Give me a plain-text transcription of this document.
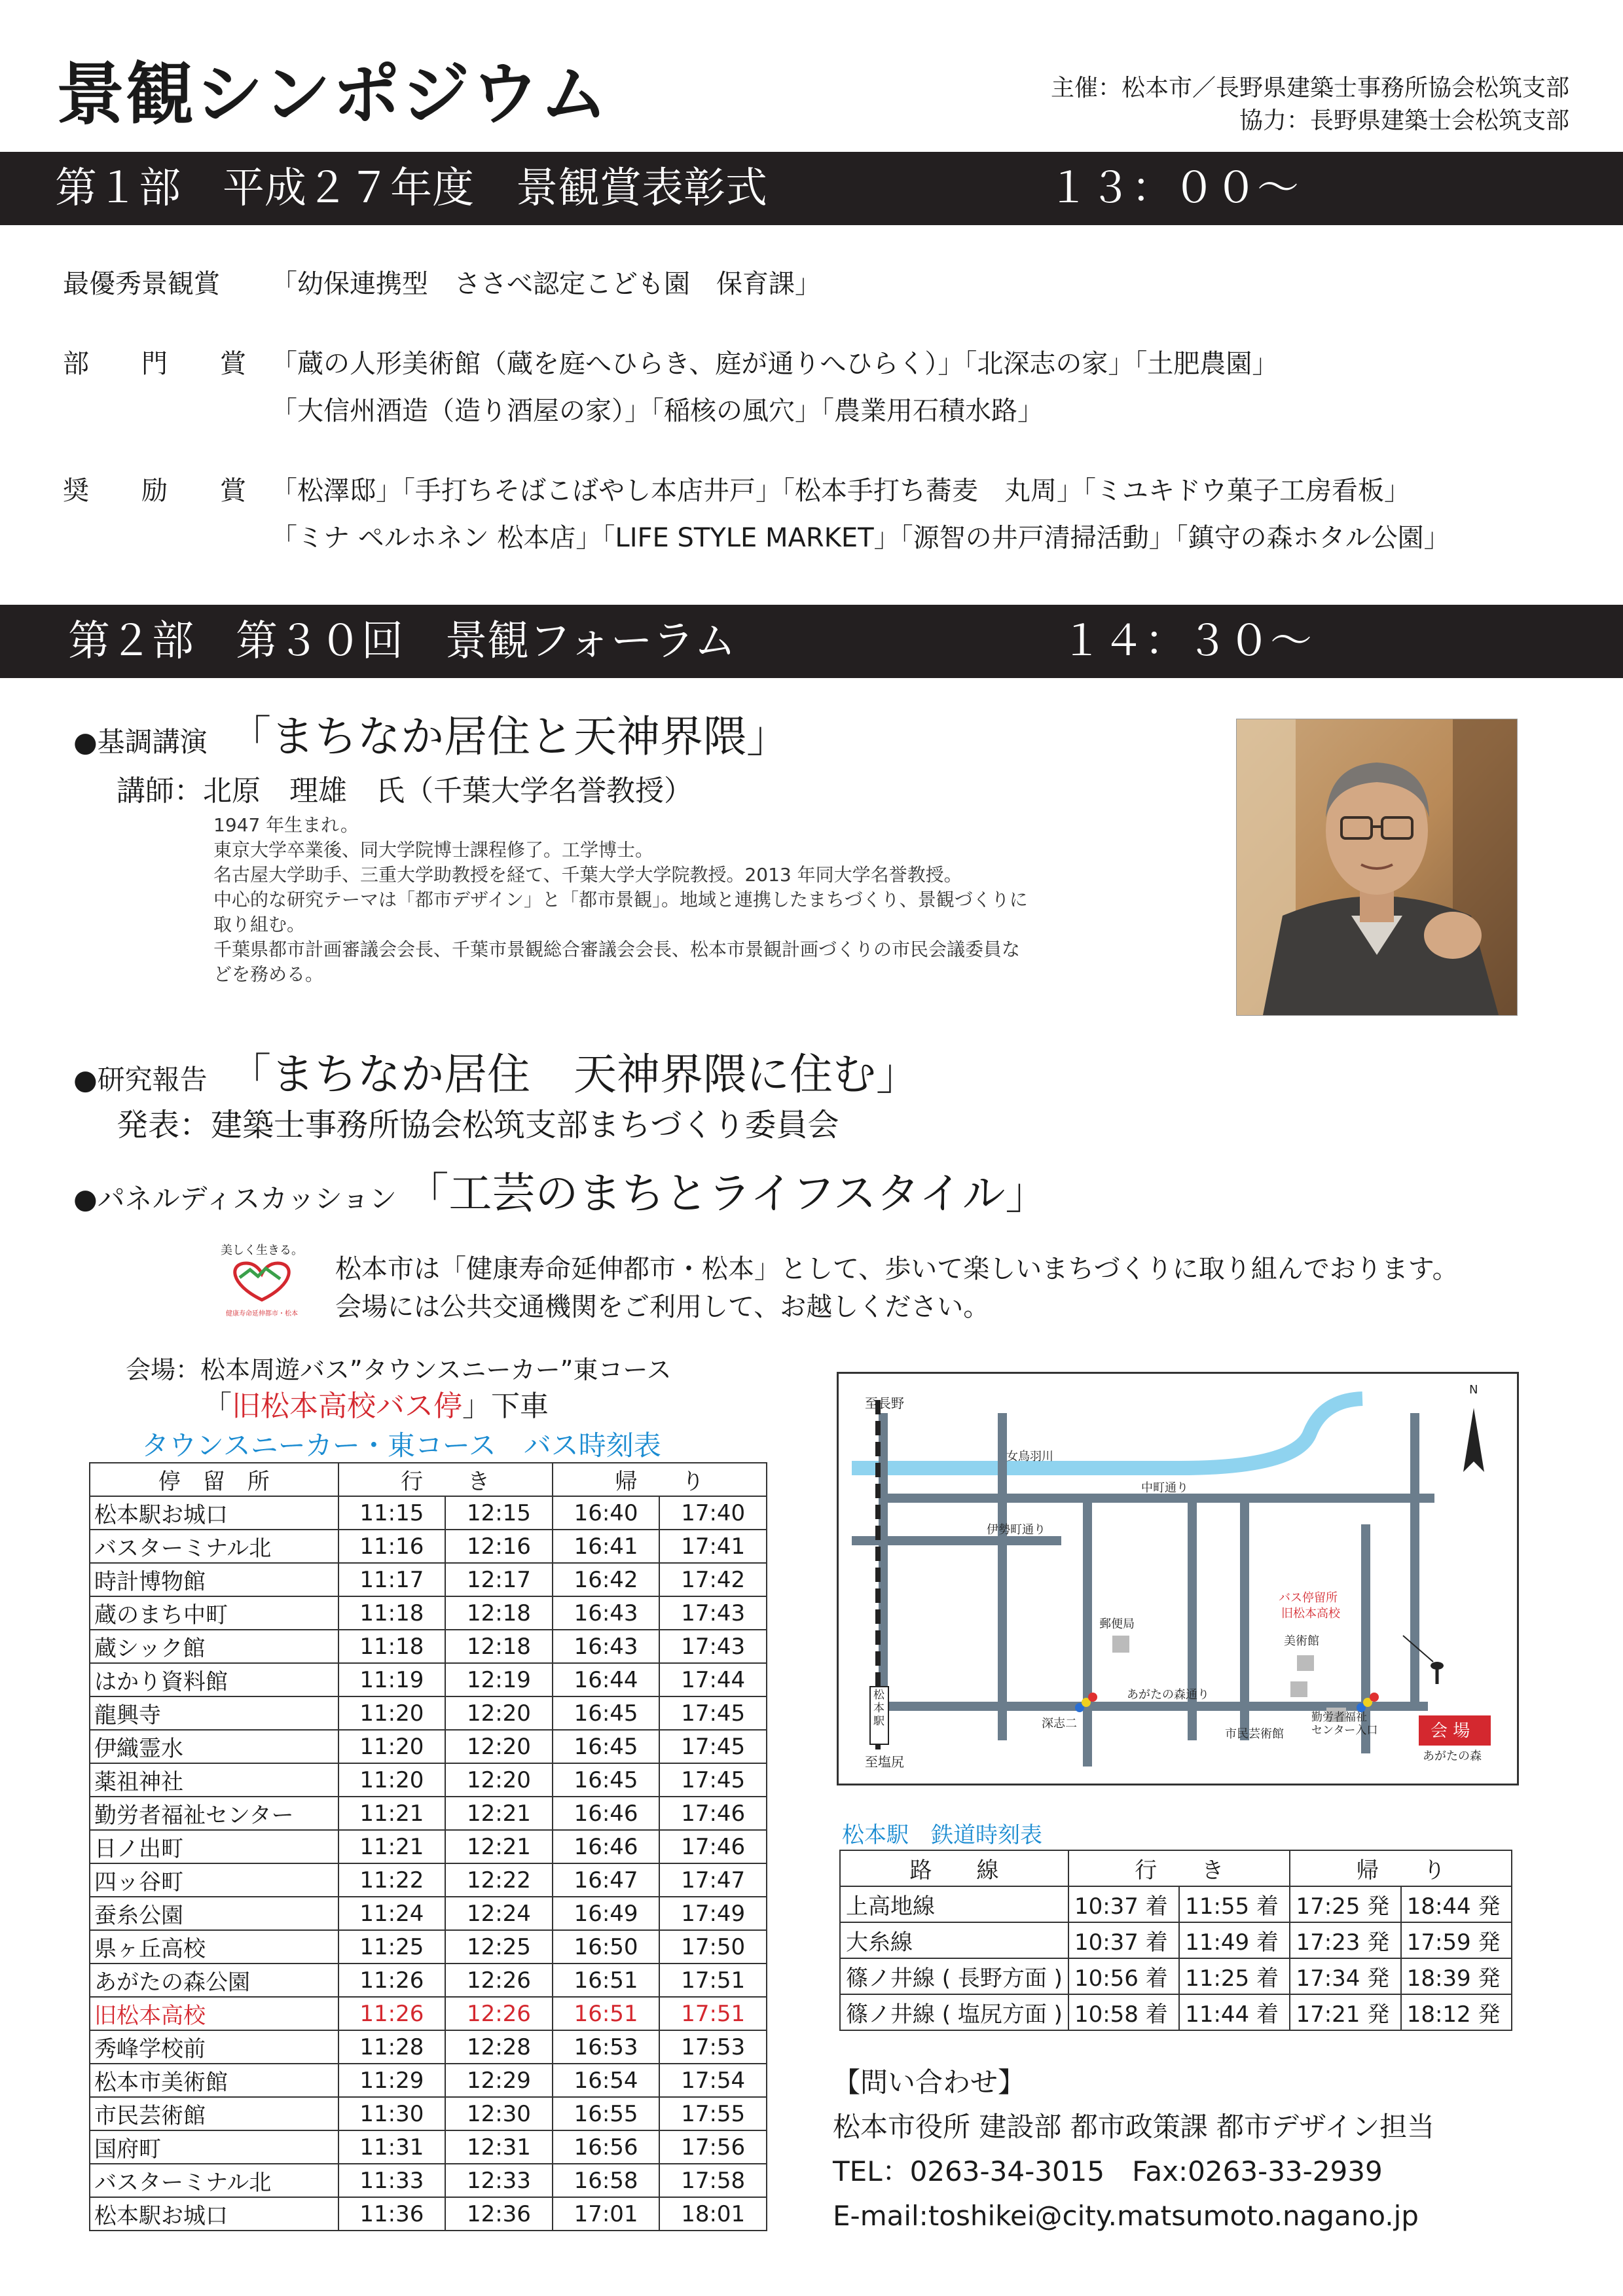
景観シンポジウム	主催：松本市／長野県建築士事務所協会松筑支部
協力：長野県建築士会松筑支部
第１部　平成２７年度　景観賞表彰式	１３：００～
最優秀景観賞 「幼保連携型　ささべ認定こども園　保育課」
部　　門　　賞 「蔵の人形美術館（蔵を庭へひらき、庭が通りへひらく）」「北深志の家」「土肥農園」
「大信州酒造（造り酒屋の家）」「稲核の風穴」「農業用石積水路」
奨　　励　　賞 「松澤邸」「手打ちそばこばやし本店井戸」「松本手打ち蕎麦　丸周」「ミユキドウ菓子工房看板」
「ミナ ペルホネン 松本店」「LIFE STYLE MARKET」「源智の井戸清掃活動」「鎮守の森ホタル公園」
第２部　第３０回　景観フォーラム	１４：３０～
●基調講演 「まちなか居住と天神界隈」
講師：北原　理雄　氏（千葉大学名誉教授）
1947 年生まれ。
東京大学卒業後、同大学院博士課程修了。工学博士。
名古屋大学助手、三重大学助教授を経て、千葉大学大学院教授。2013 年同大学名誉教授。
中心的な研究テーマは「都市デザイン」と「都市景観」。地域と連携したまちづくり、景観づくりに
取り組む。
千葉県都市計画審議会会長、千葉市景観総合審議会会長、松本市景観計画づくりの市民会議委員な
どを務める。
●研究報告 「まちなか居住　天神界隈に住む」
発表：建築士事務所協会松筑支部まちづくり委員会
●パネルディスカッション 「工芸のまちとライフスタイル」
美しく生きる。
健康寿命延伸都市・松本
松本市は「健康寿命延伸都市・松本」として、歩いて楽しいまちづくりに取り組んでおります。
会場には公共交通機関をご利用して、お越しください。
会場：松本周遊バス”タウンスニーカー”東コース
「旧松本高校バス停」下車
タウンスニーカー・東コース　バス時刻表
停　留　所	行　　き		帰　　り	
松本駅お城口	11:15	12:15	16:40	17:40
バスターミナル北	11:16	12:16	16:41	17:41
時計博物館	11:17	12:17	16:42	17:42
蔵のまち中町	11:18	12:18	16:43	17:43
蔵シック館	11:18	12:18	16:43	17:43
はかり資料館	11:19	12:19	16:44	17:44
龍興寺	11:20	12:20	16:45	17:45
伊織霊水	11:20	12:20	16:45	17:45
薬祖神社	11:20	12:20	16:45	17:45
勤労者福祉センター	11:21	12:21	16:46	17:46
日ノ出町	11:21	12:21	16:46	17:46
四ッ谷町	11:22	12:22	16:47	17:47
蚕糸公園	11:24	12:24	16:49	17:49
県ヶ丘高校	11:25	12:25	16:50	17:50
あがたの森公園	11:26	12:26	16:51	17:51
旧松本高校	11:26	12:26	16:51	17:51
秀峰学校前	11:28	12:28	16:53	17:53
松本市美術館	11:29	12:29	16:54	17:54
市民芸術館	11:30	12:30	16:55	17:55
国府町	11:31	12:31	16:56	17:56
バスターミナル北	11:33	12:33	16:58	17:58
松本駅お城口	11:36	12:36	17:01	18:01
至長野
至塩尻
N
女鳥羽川
中町通り
伊勢町通り
郵便局
あがたの森通り
美術館
バス停留所
旧松本高校
松本駅	深志二
市民芸術館
勤労者福祉
センター入口	会 場
あがたの森
松本駅　鉄道時刻表
路　　線	行　　き		帰　　り	
上高地線	10:37 着	11:55 着	17:25 発	18:44 発
大糸線	10:37 着	11:49 着	17:23 発	17:59 発
篠ノ井線 ( 長野方面 )	10:56 着	11:25 着	17:34 発	18:39 発
篠ノ井線 ( 塩尻方面 )	10:58 着	11:44 着	17:21 発	18:12 発
【問い合わせ】
松本市役所 建設部 都市政策課 都市デザイン担当
TEL：0263-34-3015　Fax:0263-33-2939
E-mail:toshikei@city.matsumoto.nagano.jp
